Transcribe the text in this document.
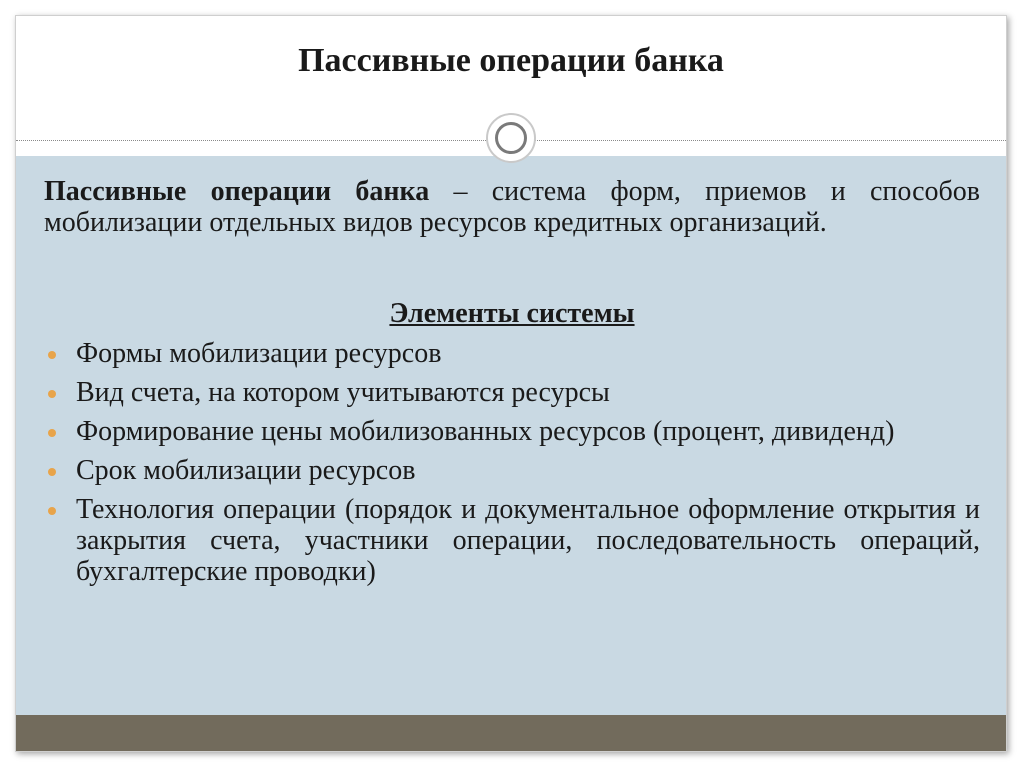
Пассивные операции банка

Пассивные операции банка – система форм, приемов и способов мобилизации отдельных видов ресурсов кредитных организаций.

Элементы системы
Формы мобилизации ресурсов
Вид счета, на котором учитываются ресурсы
Формирование цены мобилизованных ресурсов (процент, дивиденд)
Срок мобилизации ресурсов
Технология операции (порядок и документальное оформление открытия и закрытия счета, участники операции, последовательность операций, бухгалтерские проводки)
